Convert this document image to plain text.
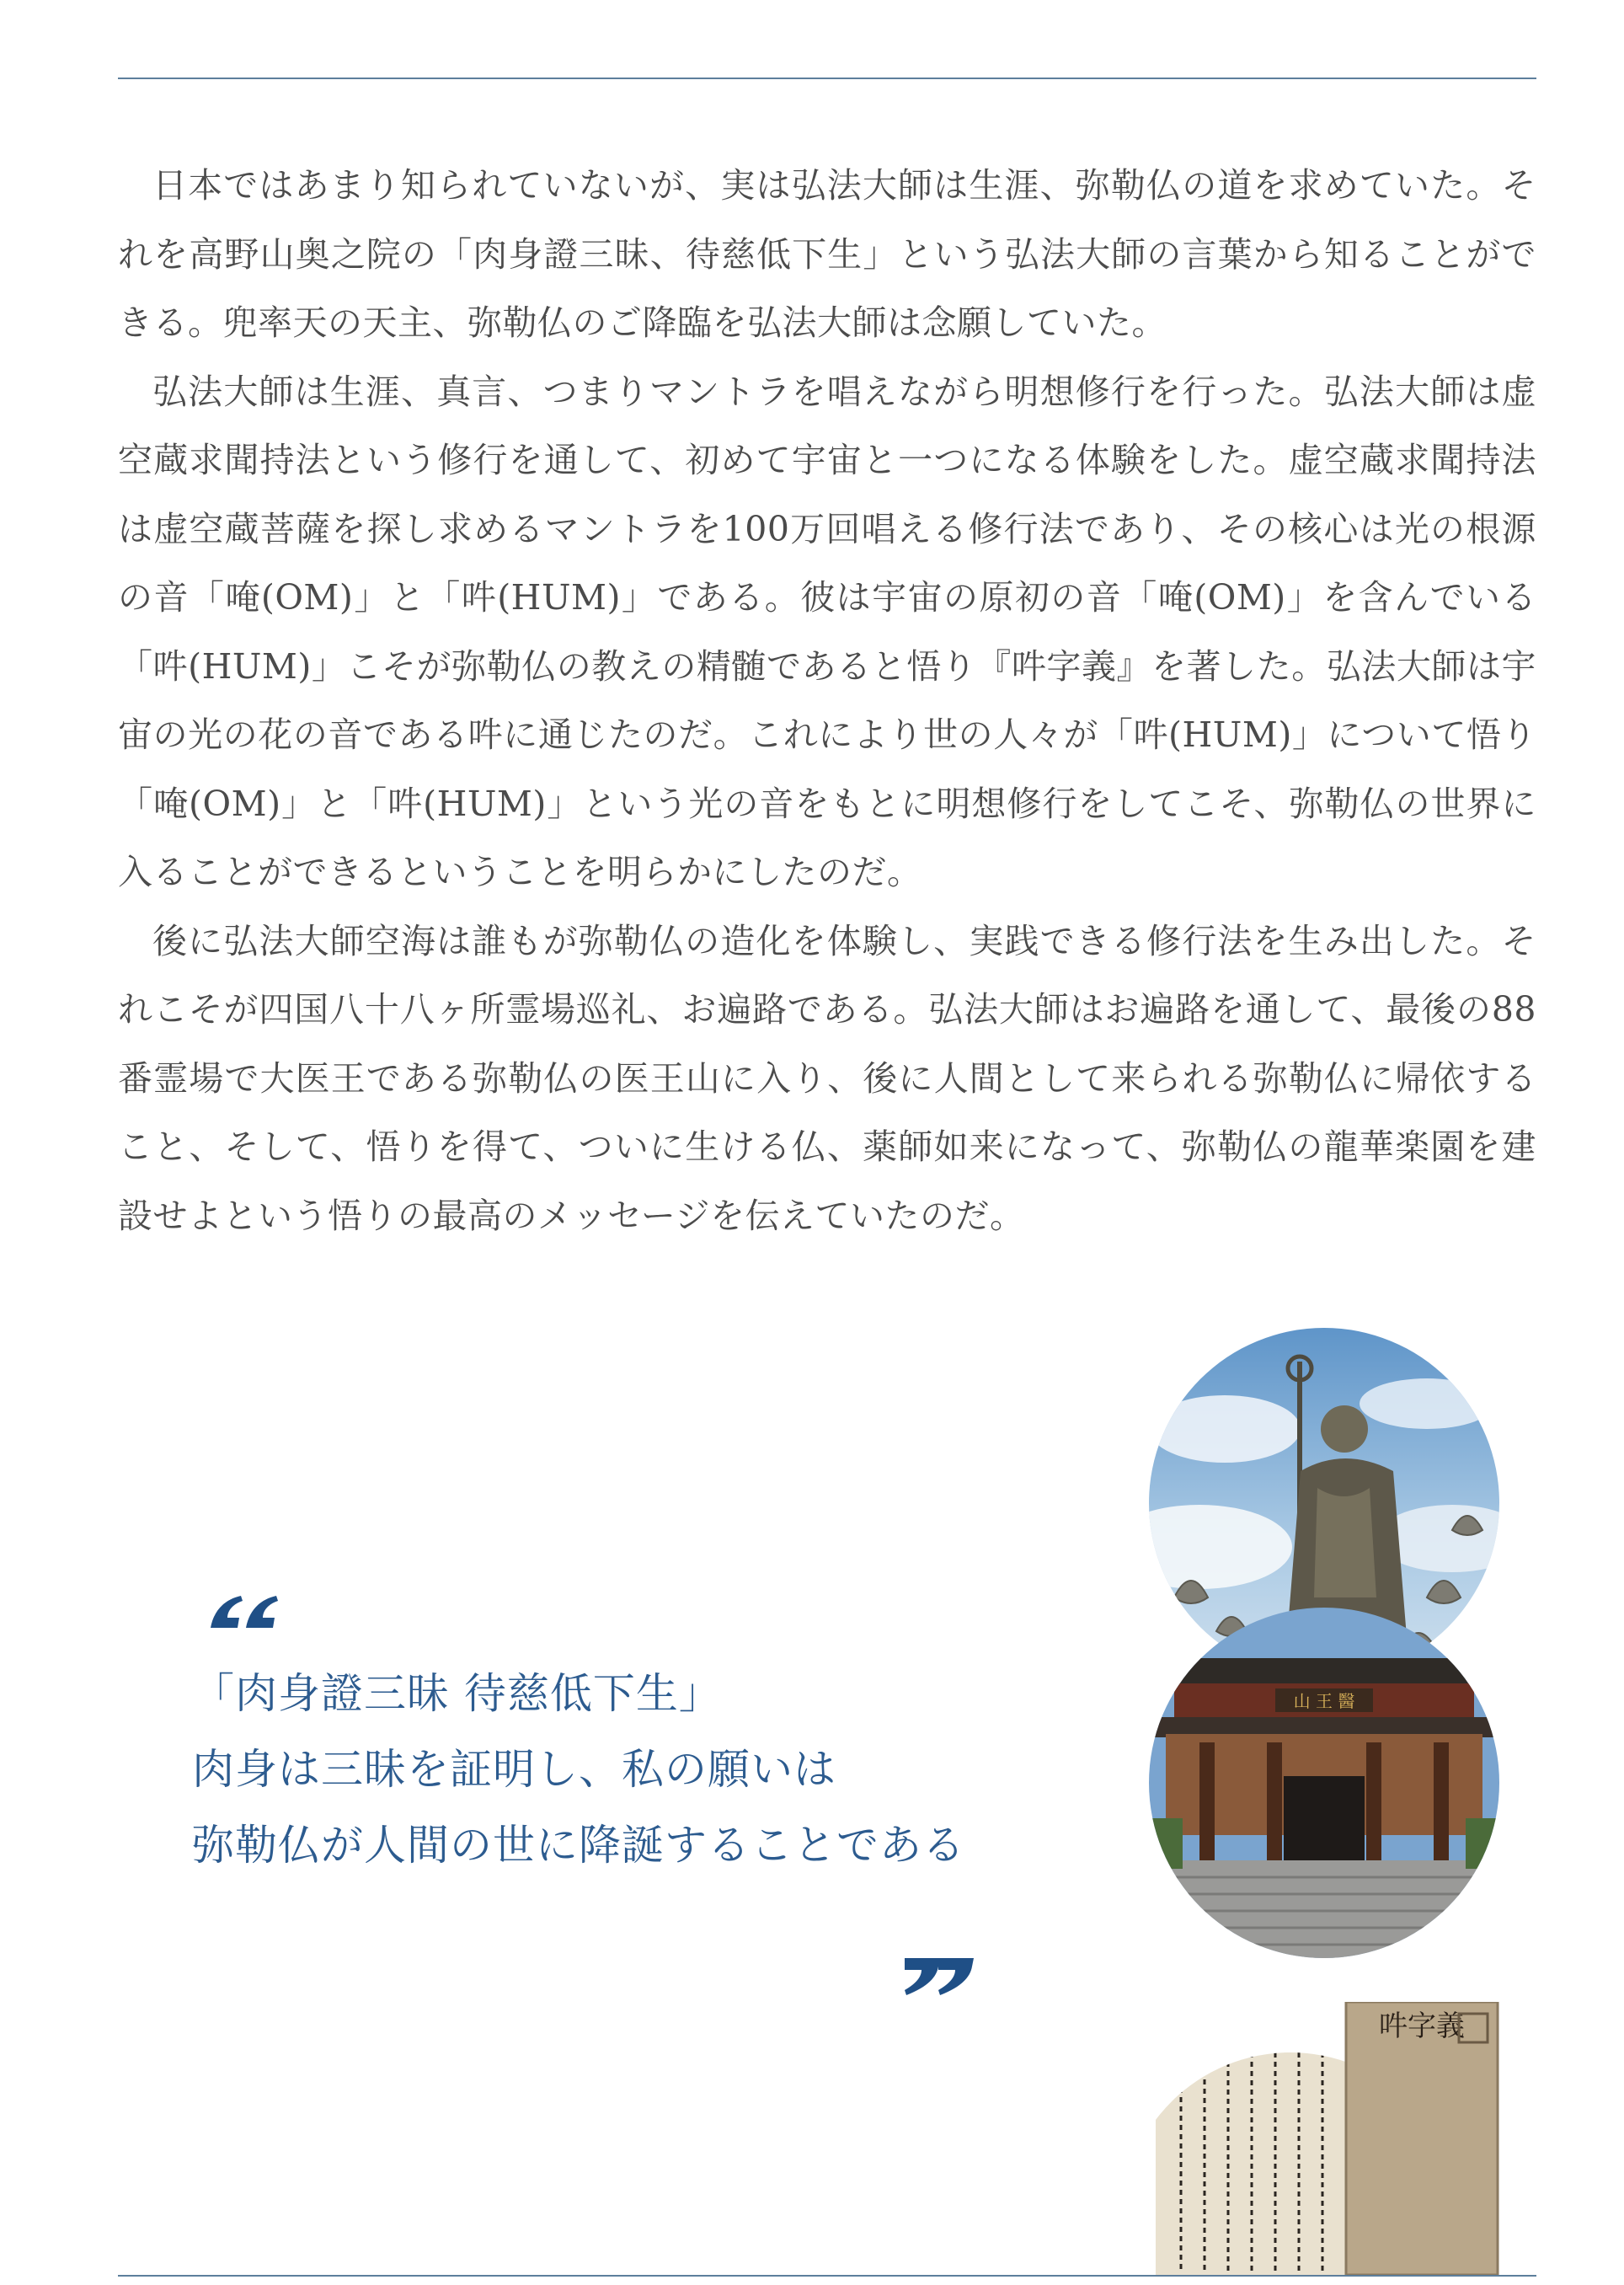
日本ではあまり知られていないが、実は弘法大師は生涯、弥勒仏の道を求めていた。それを高野山奥之院の「肉身證三昧、待慈低下生」という弘法大師の言葉から知ることができる。兜率天の天主、弥勒仏のご降臨を弘法大師は念願していた。

弘法大師は生涯、真言、つまりマントラを唱えながら明想修行を行った。弘法大師は虚空蔵求聞持法という修行を通して、初めて宇宙と一つになる体験をした。虚空蔵求聞持法は虚空蔵菩薩を探し求めるマントラを100万回唱える修行法であり、その核心は光の根源の音「唵(OM)」と「吽(HUM)」である。彼は宇宙の原初の音「唵(OM)」を含んでいる「吽(HUM)」こそが弥勒仏の教えの精髄であると悟り『吽字義』を著した。弘法大師は宇宙の光の花の音である吽に通じたのだ。これにより世の人々が「吽(HUM)」について悟り「唵(OM)」と「吽(HUM)」という光の音をもとに明想修行をしてこそ、弥勒仏の世界に入ることができるということを明らかにしたのだ。

後に弘法大師空海は誰もが弥勒仏の造化を体験し、実践できる修行法を生み出した。それこそが四国八十八ヶ所霊場巡礼、お遍路である。弘法大師はお遍路を通して、最後の88番霊場で大医王である弥勒仏の医王山に入り、後に人間として来られる弥勒仏に帰依すること、そして、悟りを得て、ついに生ける仏、薬師如来になって、弥勒仏の龍華楽園を建設せよという悟りの最高のメッセージを伝えていたのだ。

「肉身證三昧 待慈低下生」
肉身は三昧を証明し、私の願いは
弥勒仏が人間の世に降誕することである
山 王 醫
吽字義
